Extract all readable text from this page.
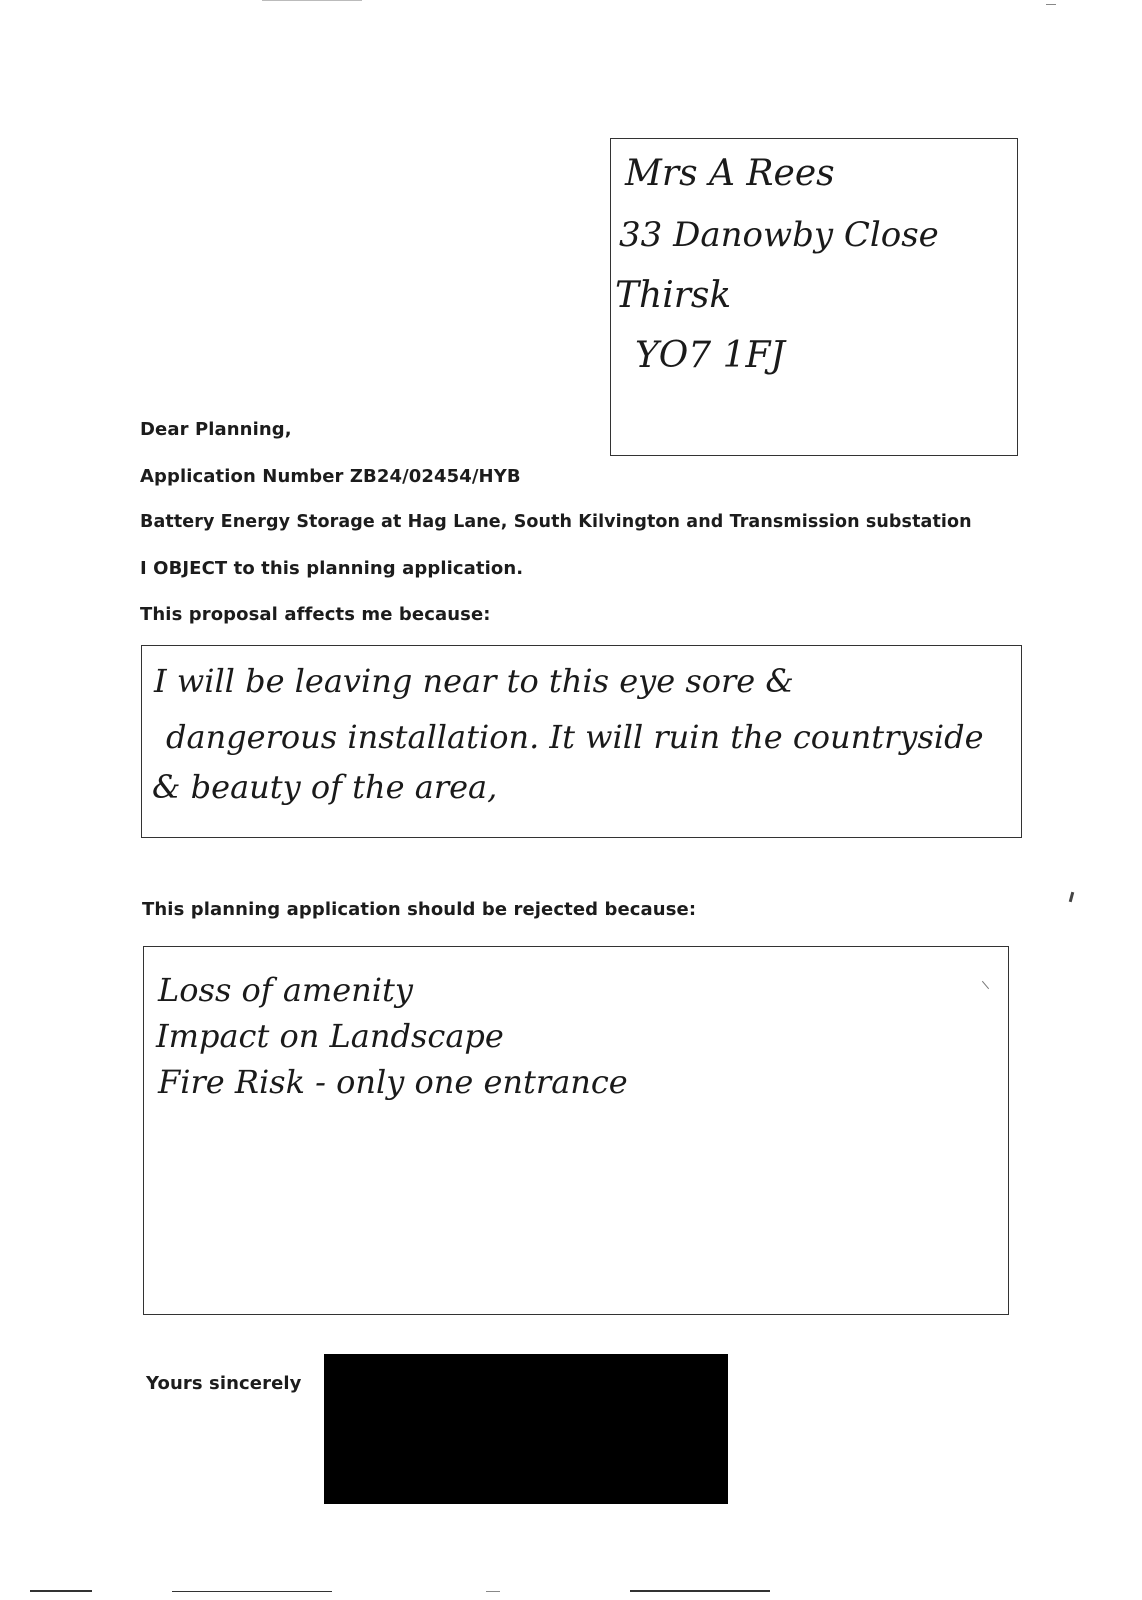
Mrs A Rees
33 Danowby Close
Thirsk
YO7 1FJ
Dear Planning,
Application Number ZB24/02454/HYB
Battery Energy Storage at Hag Lane, South Kilvington and Transmission substation
I OBJECT to this planning application.
This proposal affects me because:
I will be leaving near to this eye sore &
dangerous installation. It will ruin the countryside
& beauty of the area,
This planning application should be rejected because:
Loss of amenity
Impact on Landscape
Fire Risk - only one entrance
Yours sincerely
